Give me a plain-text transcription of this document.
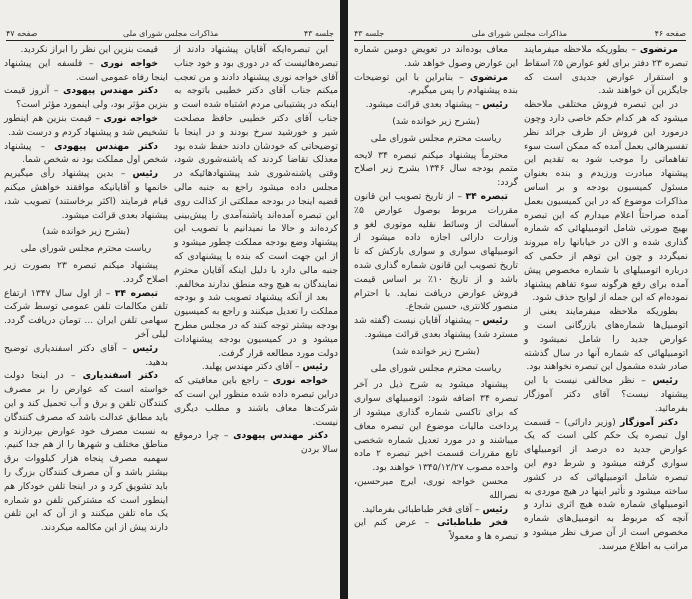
جلسه ۴۳
مذاکرات مجلس شورای ملی
صفحه ۴۷

این تبصره‌ایکه آقایان پیشنهاد دادند از تبصره‌هائیست که در دوری بود و خود جناب آقای خواجه نوری پیشنهاد دادند و من تعجب میکنم جناب آقای دکتر خطیبی باتوجه به اینکه در پشتیبانی مردم اشتباه شده است و جناب آقای دکتر خطیبی حافظ مصلحت شیر و خورشید سرخ بودند و در اینجا با توضیحاتی که خودشان دادند حفظ شده بود معذلک تقاضا کردند که پاشنه‌شوری شود، وقتی پاشنه‌شوری شد پیشنهادهائیکه در مجلس داده میشود راجع به جنبه مالی قضیه اینجا در بودجه مملکتی از کذالت روی این تبصره آمده‌اند پاشنه‌آمدی را پیش‌بینی کرده‌اند و حالا ما نمیدانیم با تصویب این پیشنهاد وضع بودجه مملکت چطور میشود و از این جهت است که بنده با پیشنهادی که جنبه مالی دارد با دلیل اینکه آقایان محترم نمایندگان به هیچ وجه منطق ندارند مخالفم.

بعد از آنکه پیشنهاد تصویب شد و بودجه مملکت را تعدیل میکنند و راجع به کمیسیون بودجه بیشتر توجه کنند که در مجلس مطرح میشود و در کمیسیون بودجه پیشنهادات دولت مورد مطالعه قرار گرفت.

رئیس – آقای دکتر مهندس پهلبد.

خواجه نوری – راجع باین معافیتی که دراین تبصره داده شده منظور این است که شرکت‌ها معاف باشند و مطلب دیگری نیست.

دکتر مهندس پیهودی – چرا درموقع سالا بردن

قیمت بنزین این نظر را ابراز نکردید.

خواجه نوری – فلسفه این پیشنهاد اینجا رفاه عمومی است.

دکتر مهندس پیهودی – آنروز قیمت بنزین مؤثر بود، ولی اینمورد مؤثر است؟

خواجه نوری – قیمت بنزین هم اینطور تشخیص شد و پیشنهاد کردم و درست شد.

دکتر مهندس پیهودی – پیشنهاد شخص اول مملکت بود نه شخص شما.

رئیس – بدین پیشنهاد رأی میگیریم خانمها و آقایانیکه موافقند خواهش میکنم قیام فرمایند (اکثر برخاستند) تصویب شد، پیشنهاد بعدی قرائت میشود.

(بشرح زیر خوانده شد)

ریاست محترم مجلس شورای ملی

پیشنهاد میکنم تبصره ۲۳ بصورت زیر اصلاح گردد.

تبصره ۳۴ – از اول سال ۱۳۴۷ ارتفاع تلفن مکالمات تلفن عمومی توسط شرکت سهامی تلفن ایران ... تومان دریافت گردد. لیلی آخر

رئیس – آقای دکتر اسفندیاری توضیح بدهید.

دکتر اسفندیاری – در اینجا دولت خواسته است که عوارض را بر مصرف کنندگان تلفن و برق و آب تحمیل کند و این باید مطابق عدالت باشد که مصرف کنندگان به نسبت مصرف خود عوارض بپردازند و مناطق مختلف و شهرها را از هم جدا کنیم. سهمیه مصرف پنجاه هزار کیلووات برق بیشتر باشد و آن مصرف کنندگان بزرگ را باید تشویق کرد و در اینجا تلفن خودکار هم اینطور است که مشترکین تلفن دو شماره یک ماه تلفن میکنند و از آن که این تلفن دارند پیش از این مکالمه میکردند.

صفحه ۴۶
مذاکرات مجلس شورای ملی
جلسه ۴۳

مرتضوی – بطوریکه ملاحظه میفرمایند تبصره ۲۳ دفتر برای لغو عوارض ۵٪ اسقاط و استقرار عوارض جدیدی است که جایگزین آن خواهند شد.

در این تبصره فروش مختلفی ملاحظه میشود که هر کدام حکم خاصی دارد وچون درمورد این فروش از طرف جرائد نظر تفسیرهائی بعمل آمده که ممکن است سوء تفاهماتی را موجب شود به تقدیم این پیشنهاد مبادرت ورزیدم و بنده بعنوان مسئول کمیسیون بودجه و بر اساس مذاکرات موضوع که در این کمیسیون بعمل آمده صراحتاً اعلام میدارم که این تبصره بهیچ صورتی شامل اتومبیلهائی که شماره گذاری شده و الان در خیابانها راه میروند نمیگردد و چون این توهم از حکمی که درباره اتومبیلهای با شماره مخصوص پیش آمده برای رفع هرگونه سوء تفاهم پیشنهاد نموده‌ام که این جمله از لوایح حذف شود.

بطوریکه ملاحظه میفرمایند یعنی از اتومبیل‌ها شماره‌های بازرگانی است و عوارض جدید را شامل نمیشود و اتومبیلهائی که شماره آنها در سال گذشته صادر شده مشمول این تبصره نخواهند بود.

رئیس – نظر مخالفی نیست با این پیشنهاد نیست؟ آقای دکتر آموزگار بفرمائید.

دکتر آموزگار (وزیر دارائی) – قسمت اول تبصره یک حکم کلی است که یک عوارض جدید ده درصد از اتومبیلهای سواری گرفته میشود و شرط دوم این تبصره شامل اتومبیلهائی که در کشور ساخته میشود و تأثیر اینها در هیچ موردی به اتومبیلهای شماره شده هیچ اثری ندارد و آنچه که مربوط به اتومبیل‌های شماره مخصوص است از آن صرف نظر میشود و مراتب به اطلاع میرسد.

معاف بوده‌اند در تعویض دومین شماره این عوارض وصول خواهد شد.

مرتضوی – بنابراین با این توضیحات بنده پیشنهادم را پس میگیرم.

رئیس – پیشنهاد بعدی قرائت میشود.

(بشرح زیر خوانده شد)

ریاست محترم مجلس شورای ملی

محترماً پیشنهاد میکنم تبصره ۳۴ لایحه متمم بودجه سال ۱۳۴۶ بشرح زیر اصلاح گردد:

تبصره ۳۴ – از تاریخ تصویب این قانون مقررات مربوط بوصول عوارض ۵٪ آسفالت از وسائط نقلیه موتوری لغو و وزارت دارائی اجازه داده میشود از اتومبیلهای سواری و سواری بارکش که تا تاریخ تصویب این قانون شماره گذاری شده باشد و از تاریخ ۱۰٪ بر اساس قیمت فروش عوارض دریافت نماید. با احترام منصور کلانتری، حسین شجاع.

رئیس – پیشنهاد آقایان نیست (گفته شد مسترد شد) پیشنهاد بعدی قرائت میشود.

(بشرح زیر خوانده شد)

ریاست محترم مجلس شورای ملی

پیشنهاد میشود به شرح ذیل در آخر تبصره ۳۴ اضافه شود: اتومبیلهای سواری که برای تاکسی شماره گذاری میشود از پرداخت مالیات موضوع این تبصره معاف میباشند و در مورد تعدیل شماره شخصی تابع مقررات قسمت اخیر تبصره ۲ ماده واحده مصوب ۱۳۴۵/۱۲/۲۷ خواهند بود.

محسن خواجه نوری، ایرج میرحسین، نصرالله

رئیس – آقای فخر طباطبائی بفرمائید.

فخر طباطبائی – عرض کنم این تبصره ها و معمولاً
